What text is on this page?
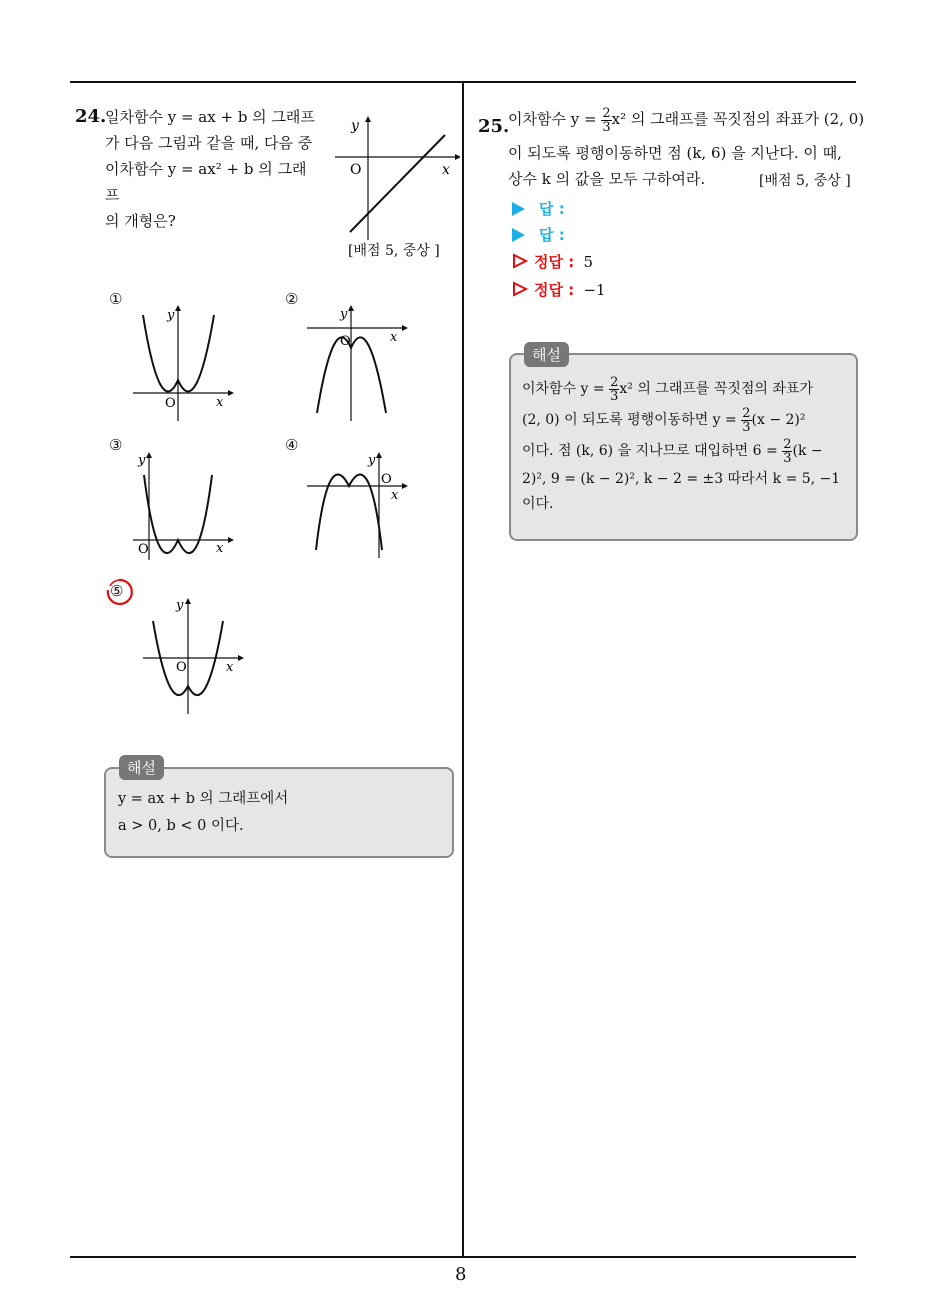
8
24.
일차함수 y = ax + b 의 그래프
가 다음 그림과 같을 때, 다음 중
이차함수 y = ax² + b 의 그래프
의 개형은?
y
x
O
[배점 5, 중상 ]
①
y
x
O
②
y
x
O
③
y
x
O
④
y
x
O
⑤
y
x
O
해설
y = ax + b 의 그래프에서
a > 0, b < 0 이다.
25.
이차함수 $y = \frac{2}{3} x^2$ 의 그래프를 꼭짓점의 좌표가 (2, 0)
이 되도록 평행이동하면 점 (k, 6) 을 지난다. 이 때,
상수 k 의 값을 모두 구하여라.	[배점 5, 중상 ]
답 :
답 :
정답 : 5
정답 : −1
해설
이차함수 $y = \frac{2}{3} x^2$ 의 그래프를 꼭짓점의 좌표가
(2, 0) 이 되도록 평행이동하면 $y = \frac{2}{3} (x - 2)^2$
이다. 점 (k, 6) 을 지나므로 대입하면 $6 = \frac{2}{3} (k$ −
2)², 9 = (k − 2)², k − 2 = ±3 따라서 k = 5, −1
이다.
